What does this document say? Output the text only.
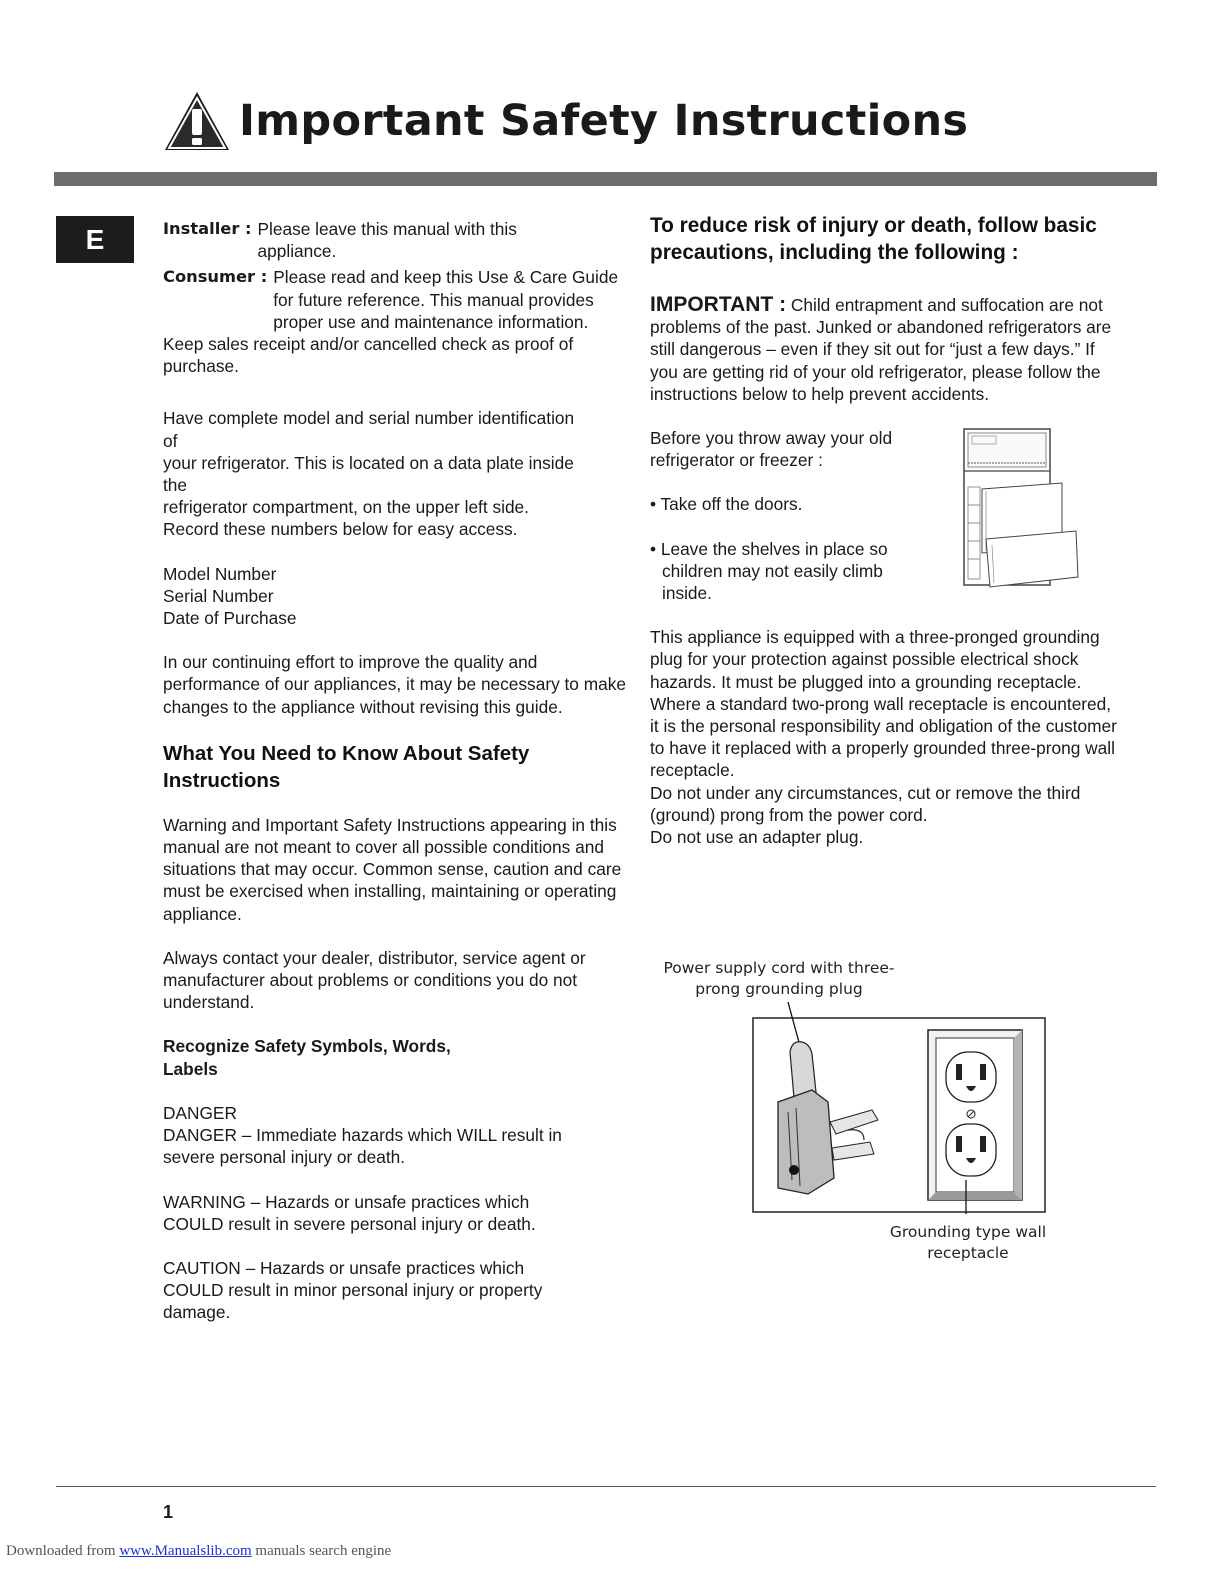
Important Safety Instructions
E	Installer : Please leave this manual with this appliance.
Consumer : Please read and keep this Use & Care Guide for future reference. This manual provides proper use and maintenance information.

Keep sales receipt and/or cancelled check as proof of purchase.

Have complete model and serial number identification

of

your refrigerator. This is located on a data plate inside

the

refrigerator compartment, on the upper left side.

Record these numbers below for easy access.

Model Number

Serial Number

Date of Purchase

In our continuing effort to improve the quality and performance of our appliances, it may be necessary to make changes to the appliance without revising this guide.

What You Need to Know About Safety Instructions

Warning and Important Safety Instructions appearing in this manual are not meant to cover all possible conditions and situations that may occur. Common sense, caution and care must be exercised when installing, maintaining or operating appliance.

Always contact your dealer, distributor, service agent or manufacturer about problems or conditions you do not understand.

Recognize Safety Symbols, Words, Labels

DANGER

DANGER – Immediate hazards which WILL result in severe personal injury or death.

WARNING – Hazards or unsafe practices which COULD result in severe personal injury or death.

CAUTION – Hazards or unsafe practices which COULD result in minor personal injury or property damage.

To reduce risk of injury or death, follow basic precautions, including the following :

IMPORTANT : Child entrapment and suffocation are not problems of the past. Junked or abandoned refrigerators are still dangerous – even if they sit out for “just a few days.” If you are getting rid of your old refrigerator, please follow the instructions below to help prevent accidents.

Before you throw away your old refrigerator or freezer :

• Take off the doors.

• Leave the shelves in place so children may not easily climb inside.

This appliance is equipped with a three-pronged grounding plug for your protection against possible electrical shock hazards. It must be plugged into a grounding receptacle. Where a standard two-prong wall receptacle is encountered, it is the personal responsibility and obligation of the customer to have it replaced with a properly grounded three-prong wall receptacle.

Do not under any circumstances, cut or remove the third (ground) prong from the power cord.

Do not use an adapter plug.

Power supply cord with three-prong grounding plug
Grounding type wall receptacle
1
Downloaded from www.Manualslib.com manuals search engine
